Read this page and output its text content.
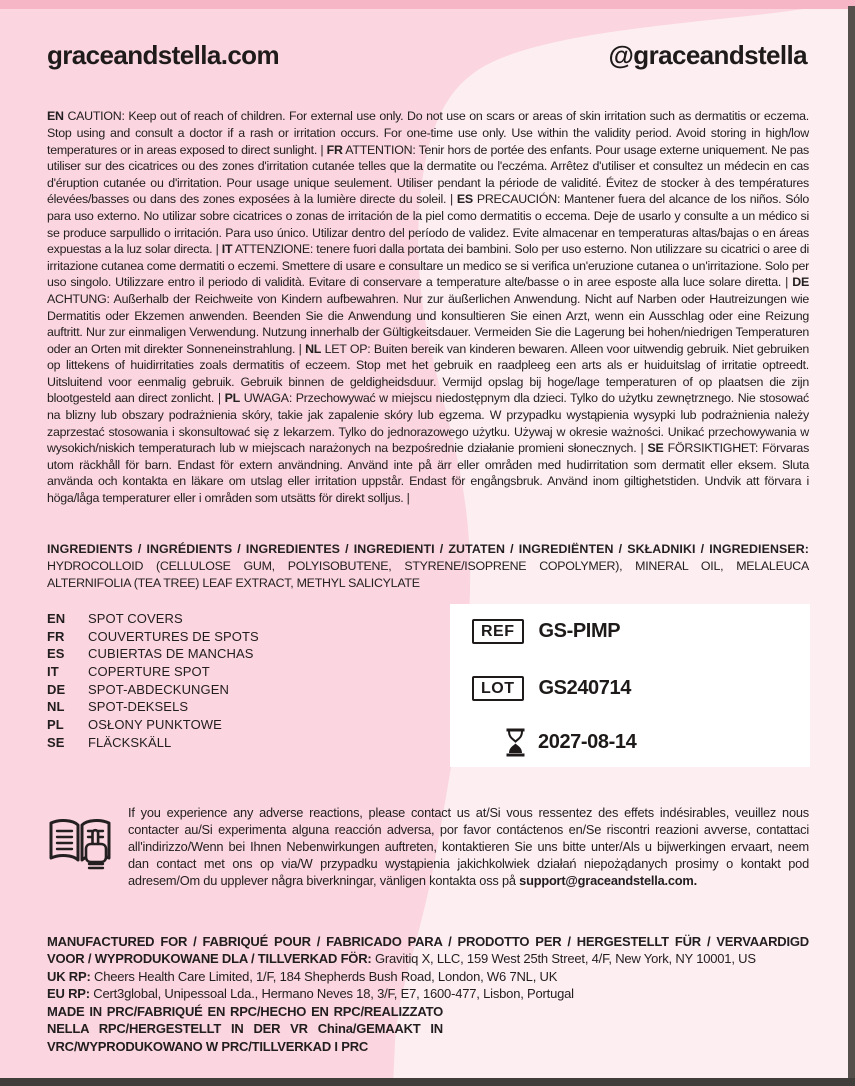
graceandstella.com	@graceandstella

EN CAUTION: Keep out of reach of children. For external use only. Do not use on scars or areas of skin irritation such as dermatitis or eczema. Stop using and consult a doctor if a rash or irritation occurs. For one-time use only. Use within the validity period. Avoid storing in high/low temperatures or in areas exposed to direct sunlight. | FR ATTENTION: Tenir hors de portée des enfants. Pour usage externe uniquement. Ne pas utiliser sur des cicatrices ou des zones d'irritation cutanée telles que la dermatite ou l'eczéma. Arrêtez d'utiliser et consultez un médecin en cas d'éruption cutanée ou d'irritation. Pour usage unique seulement. Utiliser pendant la période de validité. Évitez de stocker à des températures élevées/basses ou dans des zones exposées à la lumière directe du soleil. | ES PRECAUCIÓN: Mantener fuera del alcance de los niños. Sólo para uso externo. No utilizar sobre cicatrices o zonas de irritación de la piel como dermatitis o eccema. Deje de usarlo y consulte a un médico si se produce sarpullido o irritación. Para uso único. Utilizar dentro del período de validez. Evite almacenar en temperaturas altas/bajas o en áreas expuestas a la luz solar directa. | IT ATTENZIONE: tenere fuori dalla portata dei bambini. Solo per uso esterno. Non utilizzare su cicatrici o aree di irritazione cutanea come dermatiti o eczemi. Smettere di usare e consultare un medico se si verifica un'eruzione cutanea o un'irritazione. Solo per uso singolo. Utilizzare entro il periodo di validità. Evitare di conservare a temperature alte/basse o in aree esposte alla luce solare diretta. | DE ACHTUNG: Außerhalb der Reichweite von Kindern aufbewahren. Nur zur äußerlichen Anwendung. Nicht auf Narben oder Hautreizungen wie Dermatitis oder Ekzemen anwenden. Beenden Sie die Anwendung und konsultieren Sie einen Arzt, wenn ein Ausschlag oder eine Reizung auftritt. Nur zur einmaligen Verwendung. Nutzung innerhalb der Gültigkeitsdauer. Vermeiden Sie die Lagerung bei hohen/niedrigen Temperaturen oder an Orten mit direkter Sonneneinstrahlung. | NL LET OP: Buiten bereik van kinderen bewaren. Alleen voor uitwendig gebruik. Niet gebruiken op littekens of huidirritaties zoals dermatitis of eczeem. Stop met het gebruik en raadpleeg een arts als er huiduitslag of irritatie optreedt. Uitsluitend voor eenmalig gebruik. Gebruik binnen de geldigheidsduur. Vermijd opslag bij hoge/lage temperaturen of op plaatsen die zijn blootgesteld aan direct zonlicht. | PL UWAGA: Przechowywać w miejscu niedostępnym dla dzieci. Tylko do użytku zewnętrznego. Nie stosować na blizny lub obszary podrażnienia skóry, takie jak zapalenie skóry lub egzema. W przypadku wystąpienia wysypki lub podrażnienia należy zaprzestać stosowania i skonsultować się z lekarzem. Tylko do jednorazowego użytku. Używaj w okresie ważności. Unikać przechowywania w wysokich/niskich temperaturach lub w miejscach narażonych na bezpośrednie działanie promieni słonecznych. | SE FÖRSIKTIGHET: Förvaras utom räckhåll för barn. Endast för extern användning. Använd inte på ärr eller områden med hudirritation som dermatit eller eksem. Sluta använda och kontakta en läkare om utslag eller irritation uppstår. Endast för engångsbruk. Använd inom giltighetstiden. Undvik att förvara i höga/låga temperaturer eller i områden som utsätts för direkt solljus. |

INGREDIENTS / INGRÉDIENTS / INGREDIENTES / INGREDIENTI / ZUTATEN / INGREDIËNTEN / SKŁADNIKI / INGREDIENSER: HYDROCOLLOID (CELLULOSE GUM, POLYISOBUTENE, STYRENE/ISOPRENE COPOLYMER), MINERAL OIL, MELALEUCA ALTERNIFOLIA (TEA TREE) LEAF EXTRACT, METHYL SALICYLATE

EN	SPOT COVERS
FR	COUVERTURES DE SPOTS
ES	CUBIERTAS DE MANCHAS
IT	COPERTURE SPOT
DE	SPOT-ABDECKUNGEN
NL	SPOT-DEKSELS
PL	OSŁONY PUNKTOWE
SE	FLÄCKSKÄLL
REF	GS-PIMP
LOT	GS240714
2027-08-14

If you experience any adverse reactions, please contact us at/Si vous ressentez des effets indésirables, veuillez nous contacter au/Si experimenta alguna reacción adversa, por favor contáctenos en/Se riscontri reazioni avverse, contattaci all'indirizzo/Wenn bei Ihnen Nebenwirkungen auftreten, kontaktieren Sie uns bitte unter/Als u bijwerkingen ervaart, neem dan contact met ons op via/W przypadku wystąpienia jakichkolwiek działań niepożądanych prosimy o kontakt pod adresem/Om du upplever några biverkningar, vänligen kontakta oss på support@graceandstella.com.

MANUFACTURED FOR / FABRIQUÉ POUR / FABRICADO PARA / PRODOTTO PER / HERGESTELLT FÜR / VERVAARDIGD VOOR / WYPRODUKOWANE DLA / TILLVERKAD FÖR: Gravitiq X, LLC, 159 West 25th Street, 4/F, New York, NY 10001, US
UK RP: Cheers Health Care Limited, 1/F, 184 Shepherds Bush Road, London, W6 7NL, UK
EU RP: Cert3global, Unipessoal Lda., Hermano Neves 18, 3/F, E7, 1600-477, Lisbon, Portugal
MADE IN PRC/FABRIQUÉ EN RPC/HECHO EN RPC/REALIZZATO NELLA RPC/HERGESTELLT IN DER VR China/GEMAAKT IN VRC/WYPRODUKOWANO W PRC/TILLVERKAD I PRC
